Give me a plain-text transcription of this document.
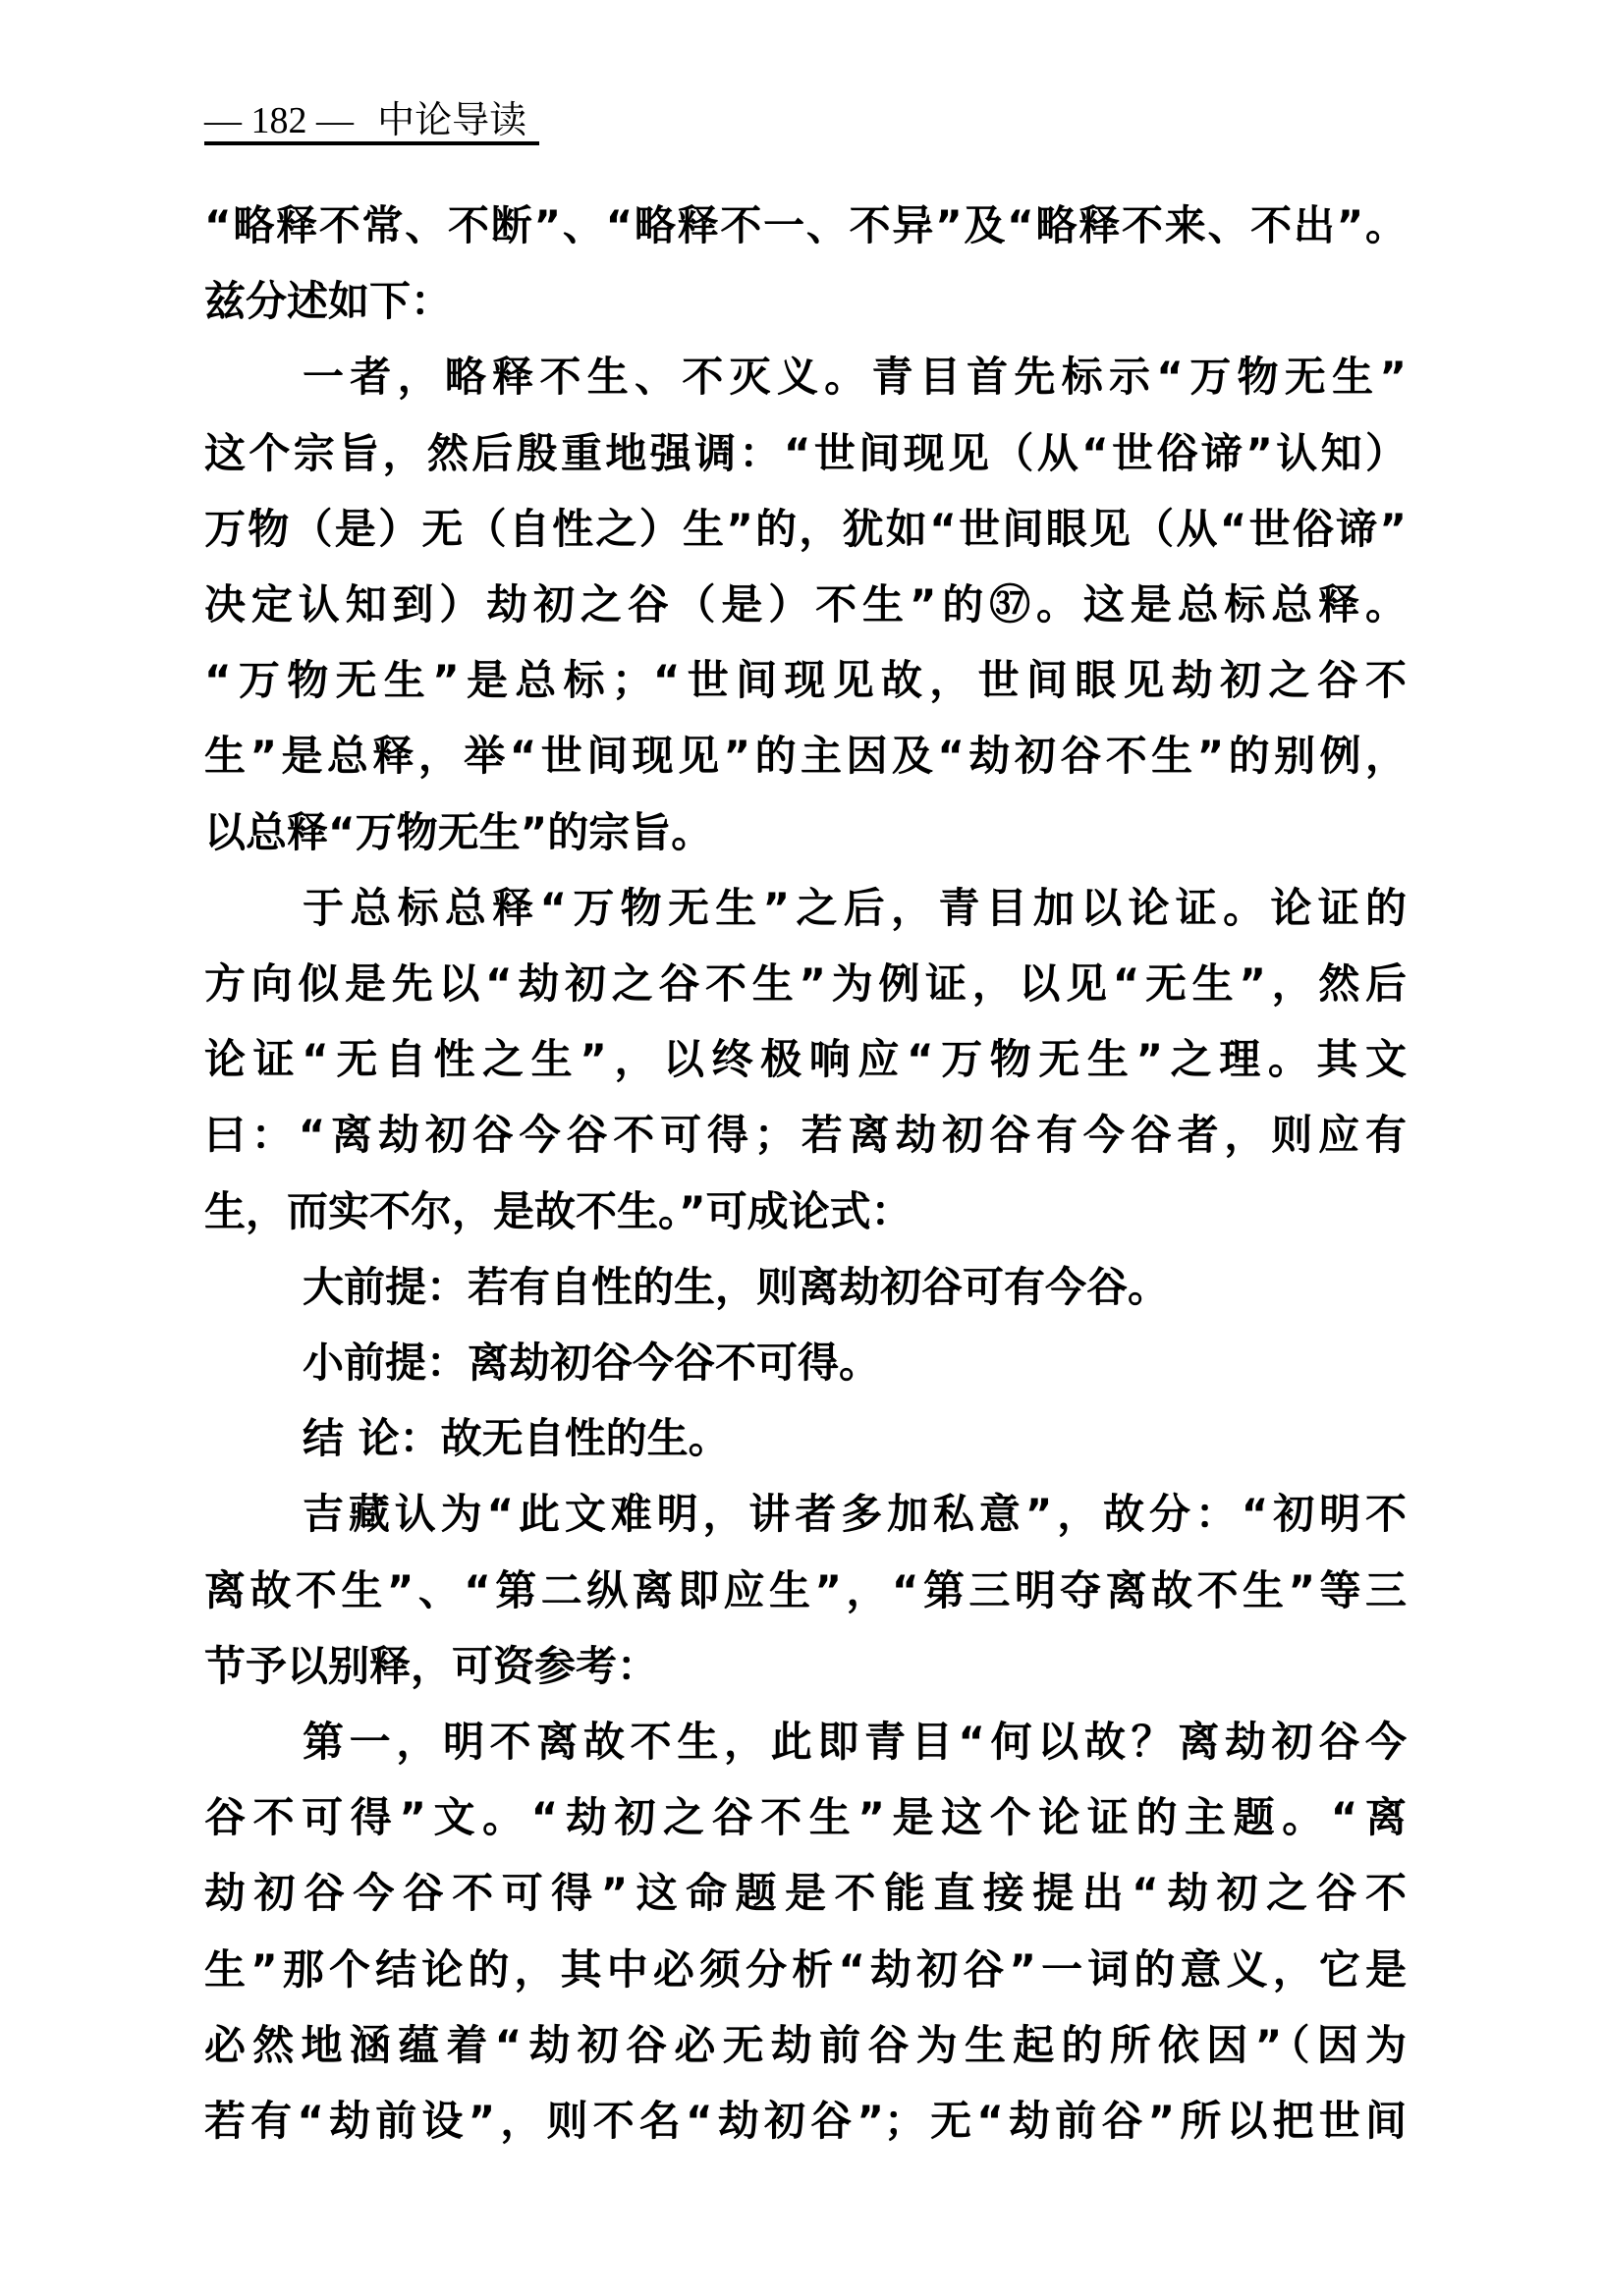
— 182 — 中论导读
“略释不常、不断”、“略释不一、不异”及“略释不来、不出”。
兹分述如下：
一者，略释不生、不灭义。青目首先标示“万物无生”
这个宗旨，然后殷重地强调：“世间现见（从“世俗谛”认知）
万物（是）无（自性之）生”的，犹如“世间眼见（从“世俗谛”
决定认知到）劫初之谷（是）不生”的㊲。这是总标总释。
“万物无生”是总标；“世间现见故，世间眼见劫初之谷不
生”是总释，举“世间现见”的主因及“劫初谷不生”的别例，
以总释“万物无生”的宗旨。
于总标总释“万物无生”之后，青目加以论证。论证的
方向似是先以“劫初之谷不生”为例证，以见“无生”，然后
论证“无自性之生”，以终极响应“万物无生”之理。其文
曰：“离劫初谷今谷不可得；若离劫初谷有今谷者，则应有
生，而实不尔，是故不生。”可成论式：
大前提：若有自性的生，则离劫初谷可有今谷。
小前提：离劫初谷今谷不可得。
结 论：故无自性的生。
吉藏认为“此文难明，讲者多加私意”，故分：“初明不
离故不生”、“第二纵离即应生”，“第三明夺离故不生”等三
节予以别释，可资参考：
第一，明不离故不生，此即青目“何以故？离劫初谷今
谷不可得”文。“劫初之谷不生”是这个论证的主题。“离
劫初谷今谷不可得”这命题是不能直接提出“劫初之谷不
生”那个结论的，其中必须分析“劫初谷”一词的意义，它是
必然地涵蕴着“劫初谷必无劫前谷为生起的所依因”（因为
若有“劫前设”，则不名“劫初谷”；无“劫前谷”所以把世间
